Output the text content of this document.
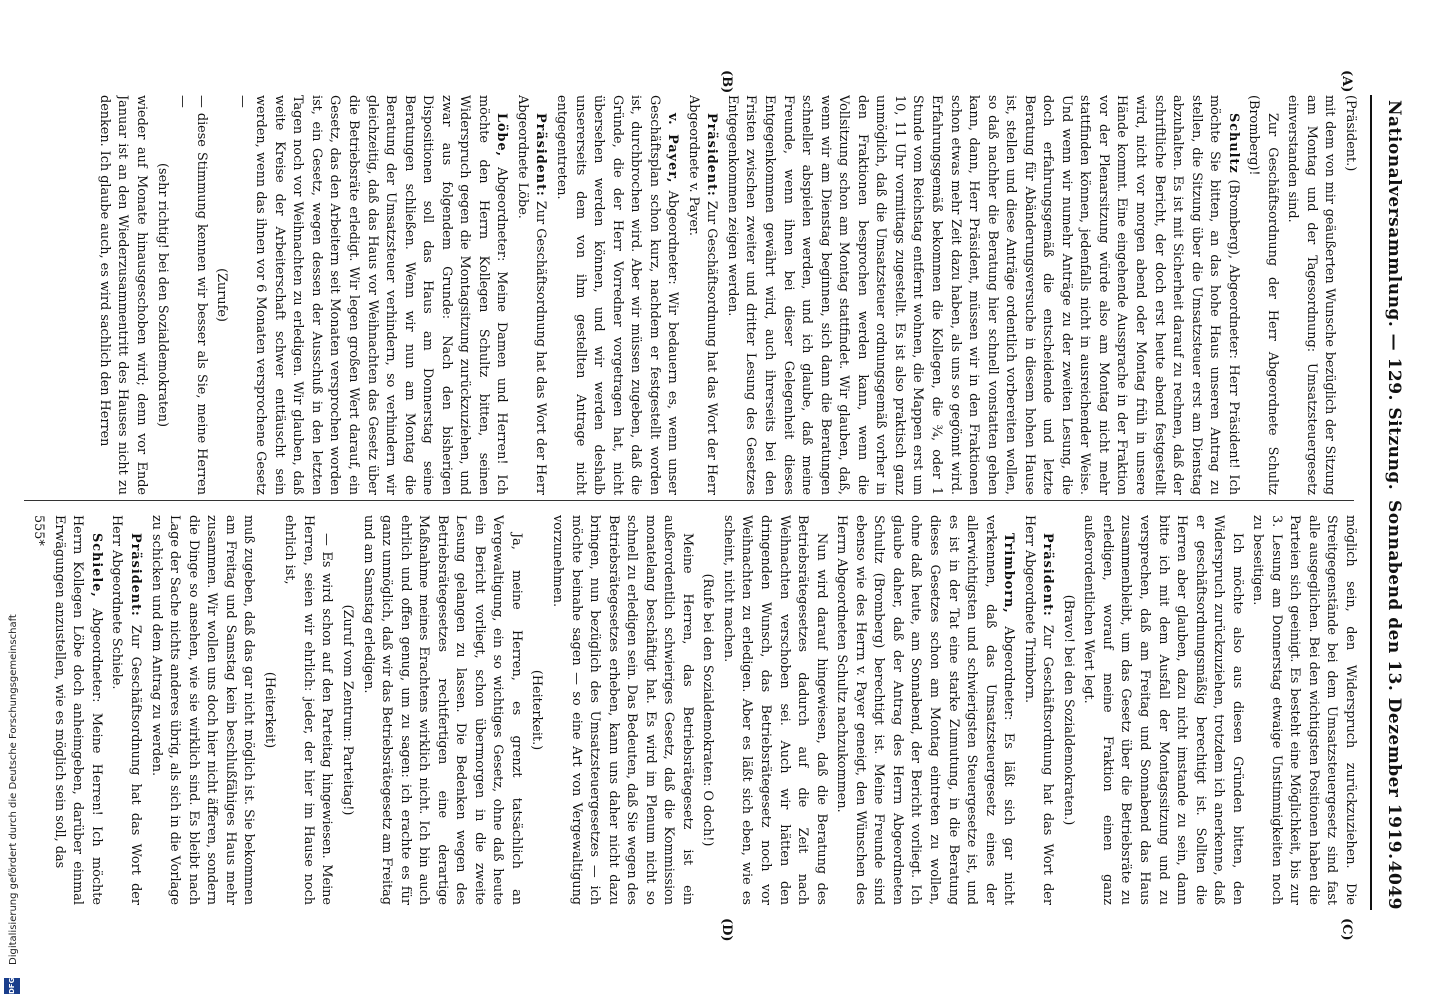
Nationalversammlung. — 129. Sitzung.
Sonnabend den 13. Dezember 1919.
4049
(A)
(B)
(C)
(D)

(Präsident.)

mit dem von mir geäußerten Wunsche bezüglich der Sitzung am Montag und der Tagesordnung: Umsatzsteuergesetz einverstanden sind.

Zur Geschäftsordnung der Herr Abgeordnete Schultz (Bromberg)!

Schultz (Bromberg), Abgeordneter: Herr Präsident! Ich möchte Sie bitten, an das hohe Haus unseren Antrag zu stellen, die Sitzung über die Umsatzsteuer erst am Dienstag abzuhalten. Es ist mit Sicherheit darauf zu rechnen, daß der schriftliche Bericht, der doch erst heute abend festgestellt wird, nicht vor morgen abend oder Montag früh in unsere Hände kommt. Eine eingehende Aussprache in der Fraktion vor der Plenarsitzung würde also am Montag nicht mehr stattfinden können, jedenfalls nicht in ausreichender Weise. Und wenn wir numehr Anträge zu der zweiten Lesung, die doch erfahrungsgemäß die entscheidende und letzte Beratung für Abänderungsversuche in diesem hohen Hause ist, stellen und diese Anträge ordentlich vorbereiten wollen, so daß nachher die Beratung hier schnell vonstatten gehen kann, dann, Herr Präsident, müssen wir in den Fraktionen schon etwas mehr Zeit dazu haben, als uns so gegönnt wird. Erfahrungsgemäß bekommen die Kollegen, die ¾, oder 1 Stunde vom Reichstag entfernt wohnen, die Mappen erst um 10, 11 Uhr vormittags zugestellt. Es ist also praktisch ganz unmöglich, daß die Umsatzsteuer ordnungsgemäß vorher in den Fraktionen besprochen werden kann, wenn die Vollsitzung schon am Montag stattfindet. Wir glauben, daß, wenn wir am Dienstag beginnen, sich dann die Beratungen schneller abspielen werden, und ich glaube, daß meine Freunde, wenn ihnen bei dieser Gelegenheit dieses Entgegenkommen gewährt wird, auch ihrerseits bei den Fristen zwischen zweiter und dritter Lesung des Gesetzes Entgegenkommen zeigen werden.

Präsident: Zur Geschäftsordnung hat das Wort der Herr Abgeordnete v. Payer.

v. Payer, Abgeordneter: Wir bedauern es, wenn unser Geschäftsplan schon kurz, nachdem er festgestellt worden ist, durchbrochen wird. Aber wir müssen zugeben, daß die Gründe, die der Herr Vorredner vorgetragen hat, nicht übersehen werden können, und wir werden deshalb unsererseits dem von ihm gestellten Antrage nicht entgegentreten.

Präsident: Zur Geschäftsordnung hat das Wort der Herr Abgeordnete Löbe.

Löbe, Abgeordneter: Meine Damen und Herren! Ich möchte den Herrn Kollegen Schultz bitten, seinen Widerspruch gegen die Montagsitzung zurückzuziehen, und zwar aus folgendem Grunde: Nach den bisherigen Dispositionen soll das Haus am Donnerstag seine Beratungen schließen. Wenn wir nun am Montag die Beratung der Umsatzsteuer verhindern, so verhindern wir gleichzeitig, daß das Haus vor Weihnachten das Gesetz über die Betriebsräte erledigt. Wir legen großen Wert darauf, ein Gesetz, das den Arbeitern seit Monaten versprochen worden ist, ein Gesetz, wegen dessen der Ausschuß in den letzten Tagen noch vor Weihnachten zu erledigen. Wir glauben, daß weite Kreise der Arbeiterschaft schwer enttäuscht sein werden, wenn das ihnen vor 6 Monaten versprochene Gesetz —

(Zurufe)

— diese Stimmung kennen wir besser als Sie, meine Herren —

(sehr richtig! bei den Sozialdemokraten)

wieder auf Monate hinausgeschoben wird; denn vor Ende Januar ist an den Wiederzusammentritt des Hauses nicht zu denken. Ich glaube auch, es wird sachlich den Herren

möglich sein, den Widerspruch zurückzuziehen. Die Streitgegenstände bei dem Umsatzsteuergesetz sind fast alle ausgeglichen. Bei den wichtigsten Positionen haben die Parteien sich geeinigt. Es besteht eine Möglichkeit, bis zur 3. Lesung am Donnerstag etwaige Unstimmigkeiten noch zu beseitigen.

Ich möchte also aus diesen Gründen bitten, den Widerspruch zurückzuziehen, trotzdem ich anerkenne, daß er geschäftsordnungsmäßig berechtigt ist. Sollten die Herren aber glauben, dazu nicht imstande zu sein, dann bitte ich mit dem Ausfall der Montagssitzung und zu versprechen, daß am Freitag und Sonnabend das Haus zusammenbleibt, um das Gesetz über die Betriebsräte zu erledigen, worauf meine Fraktion einen ganz außerordentlichen Wert legt.

(Bravo! bei den Sozialdemokraten.)

Präsident: Zur Geschäftsordnung hat das Wort der Herr Abgeordnete Trimborn.

Trimborn, Abgeordneter: Es läßt sich gar nicht verkennen, daß das Umsatzsteuergesetz eines der allerwichtigsten und schwierigsten Steuergesetze ist, und es ist in der Tat eine starke Zumutung, in die Beratung dieses Gesetzes schon am Montag eintreten zu wollen, ohne daß heute, am Sonnabend, der Bericht vorliegt. Ich glaube daher, daß der Antrag des Herrn Abgeordneten Schultz (Bromberg) berechtigt ist. Meine Freunde sind ebenso wie des Herrn v. Payer geneigt, den Wünschen des Herrn Abgeordneten Schultz nachzukommen.

Nun wird darauf hingewiesen, daß die Beratung des Betriebsrätegesetzes dadurch auf die Zeit nach Weihnachten verschoben sei. Auch wir hätten den dringenden Wunsch, das Betriebsrätegesetz noch vor Weihnachten zu erledigen. Aber es läßt sich eben, wie es scheint, nicht machen.

(Rufe bei den Sozialdemokraten: O doch!)

Meine Herren, das Betriebsrätegesetz ist ein außerordentlich schwieriges Gesetz, daß die Kommission monatelang beschäftigt hat. Es wird im Plenum nicht so schnell zu erledigen sein. Das Bedeuten, daß Sie wegen des Betriebsrätegesetzes erheben, kann uns daher nicht dazu bringen, nun bezüglich des Umsatzsteuergesetzes — ich möchte beinahe sagen — so eine Art von Vergewaltigung vorzunehmen.

(Heiterkeit.)

Ja, meine Herren, es grenzt tatsächlich an Vergewaltigung, ein so wichtiges Gesetz, ohne daß heute ein Bericht vorliegt, schon übermorgen in die zweite Lesung gelangen zu lassen. Die Bedenken wegen des Betriebsrätegesetzes rechtfertigen eine derartige Maßnahme meines Erachtens wirklich nicht. Ich bin auch ehrlich und offen genug, um zu sagen: ich erachte es für ganz unmöglich, daß wir das Betriebsrätegesetz am Freitag und am Samstag erledigen.

(Zuruf vom Zentrum: Parteitag!)

— Es wird schon auf den Parteitag hingewiesen. Meine Herren, seien wir ehrlich: jeder, der hier im Hause noch ehrlich ist,

(Heiterkeit)

muß zugeben, daß das gar nicht möglich ist. Sie bekommen am Freitag und Samstag kein beschlußfähiges Haus mehr zusammen. Wir wollen uns doch hier nicht äfferen, sondern die Dinge so ansehen, wie sie wirklich sind. Es bleibt nach Lage der Sache nichts anderes übrig, als sich in die Vorlage zu schicken und dem Antrag zu werden.

Präsident: Zur Geschäftsordnung hat das Wort der Herr Abgeordnete Schiele.

Schiele, Abgeordneter: Meine Herren! Ich möchte Herrn Kollegen Löbe doch anheimgeben, darüber einmal Erwägungen anzustellen, wie es möglich sein soll, das

555*

Digitalisierung gefördert durch die Deutsche Forschungsgemeinschaft
DFG
